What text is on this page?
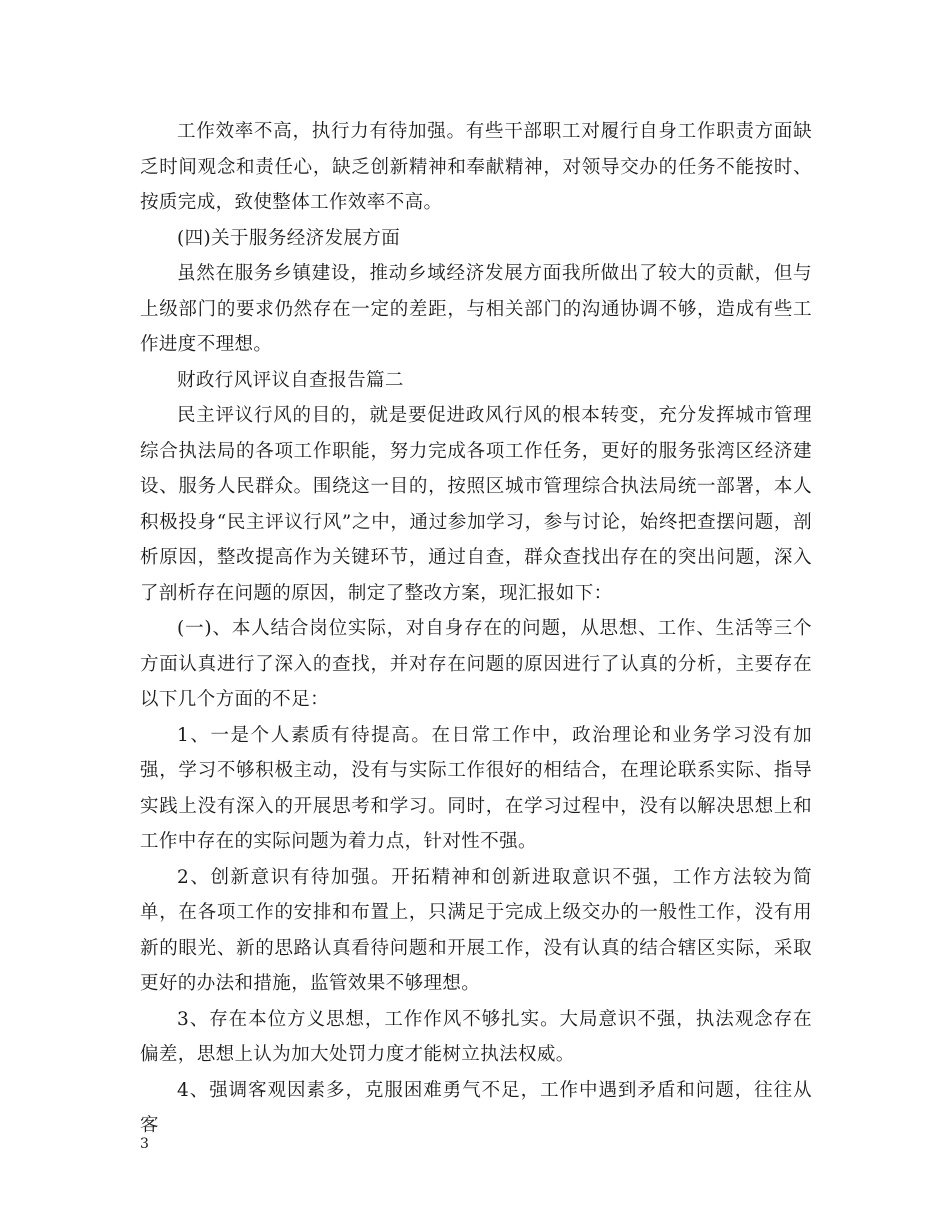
工作效率不高，执行力有待加强。有些干部职工对履行自身工作职责方面缺乏时间观念和责任心，缺乏创新精神和奉献精神，对领导交办的任务不能按时、按质完成，致使整体工作效率不高。

(四)关于服务经济发展方面

虽然在服务乡镇建设，推动乡域经济发展方面我所做出了较大的贡献，但与上级部门的要求仍然存在一定的差距，与相关部门的沟通协调不够，造成有些工作进度不理想。

财政行风评议自查报告篇二

民主评议行风的目的，就是要促进政风行风的根本转变，充分发挥城市管理综合执法局的各项工作职能，努力完成各项工作任务，更好的服务张湾区经济建设、服务人民群众。围绕这一目的，按照区城市管理综合执法局统一部署，本人积极投身“民主评议行风”之中，通过参加学习，参与讨论，始终把查摆问题，剖析原因，整改提高作为关键环节，通过自查，群众查找出存在的突出问题，深入了剖析存在问题的原因，制定了整改方案，现汇报如下：

(一)、本人结合岗位实际，对自身存在的问题，从思想、工作、生活等三个方面认真进行了深入的查找，并对存在问题的原因进行了认真的分析，主要存在以下几个方面的不足：

1、一是个人素质有待提高。在日常工作中，政治理论和业务学习没有加强，学习不够积极主动，没有与实际工作很好的相结合，在理论联系实际、指导实践上没有深入的开展思考和学习。同时，在学习过程中，没有以解决思想上和工作中存在的实际问题为着力点，针对性不强。

2、创新意识有待加强。开拓精神和创新进取意识不强，工作方法较为简单，在各项工作的安排和布置上，只满足于完成上级交办的一般性工作，没有用新的眼光、新的思路认真看待问题和开展工作，没有认真的结合辖区实际，采取更好的办法和措施，监管效果不够理想。

3、存在本位方义思想，工作作风不够扎实。大局意识不强，执法观念存在偏差，思想上认为加大处罚力度才能树立执法权威。

4、强调客观因素多，克服困难勇气不足，工作中遇到矛盾和问题，往往从客

3
